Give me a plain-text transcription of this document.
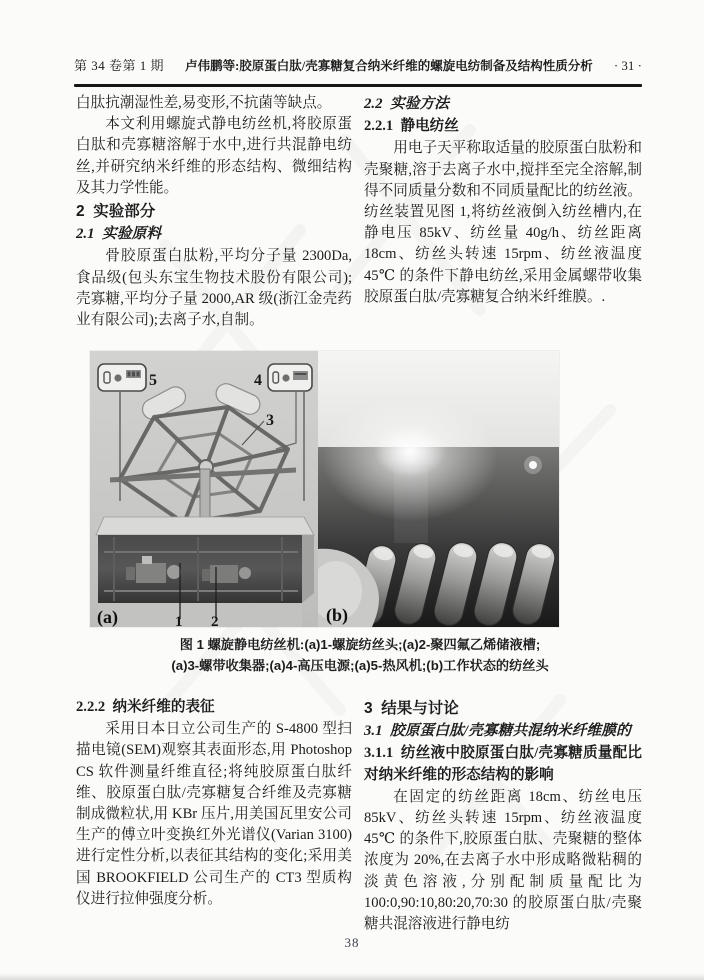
第 34 卷第 1 期 卢伟鹏等:胶原蛋白肽/壳寡糖复合纳米纤维的螺旋电纺制备及结构性质分析 · 31 ·

白肽抗潮湿性差,易变形,不抗菌等缺点。

本文利用螺旋式静电纺丝机,将胶原蛋白肽和壳寡糖溶解于水中,进行共混静电纺丝,并研究纳米纤维的形态结构、微细结构及其力学性能。

2  实验部分
2.1  实验原料

骨胶原蛋白肽粉,平均分子量 2300Da,食品级(包头东宝生物技术股份有限公司);壳寡糖,平均分子量 2000,AR 级(浙江金壳药业有限公司);去离子水,自制。

2.2  实验方法
2.2.1  静电纺丝

用电子天平称取适量的胶原蛋白肽粉和壳聚糖,溶于去离子水中,搅拌至完全溶解,制得不同质量分数和不同质量配比的纺丝液。纺丝装置见图 1,将纺丝液倒入纺丝槽内,在静电压 85kV、纺丝量 40g/h、纺丝距离 18cm、纺丝头转速 15rpm、纺丝液温度 45℃ 的条件下静电纺丝,采用金属螺带收集胶原蛋白肽/壳寡糖复合纳米纤维膜。.

5	4
3
1 2
(a)	(b)
图 1 螺旋静电纺丝机:(a)1-螺旋纺丝头;(a)2-聚四氟乙烯储液槽;
(a)3-螺带收集器;(a)4-高压电源;(a)5-热风机;(b)工作状态的纺丝头
2.2.2  纳米纤维的表征

采用日本日立公司生产的 S-4800 型扫描电镜(SEM)观察其表面形态,用 Photoshop CS 软件测量纤维直径;将纯胶原蛋白肽纤维、胶原蛋白肽/壳寡糖复合纤维及壳寡糖制成微粒状,用 KBr 压片,用美国瓦里安公司生产的傅立叶变换红外光谱仪(Varian 3100)进行定性分析,以表征其结构的变化;采用美国 BROOKFIELD 公司生产的 CT3 型质构仪进行拉伸强度分析。

3  结果与讨论
3.1  胶原蛋白肽/壳寡糖共混纳米纤维膜的
3.1.1  纺丝液中胶原蛋白肽/壳寡糖质量配比对纳米纤维的形态结构的影响

在固定的纺丝距离 18cm、纺丝电压 85kV、纺丝头转速 15rpm、纺丝液温度 45℃ 的条件下,胶原蛋白肽、壳聚糖的整体浓度为 20%,在去离子水中形成略微粘稠的淡黄色溶液,分别配制质量配比为 100:0,90:10,80:20,70:30 的胶原蛋白肽/壳聚糖共混溶液进行静电纺

38
